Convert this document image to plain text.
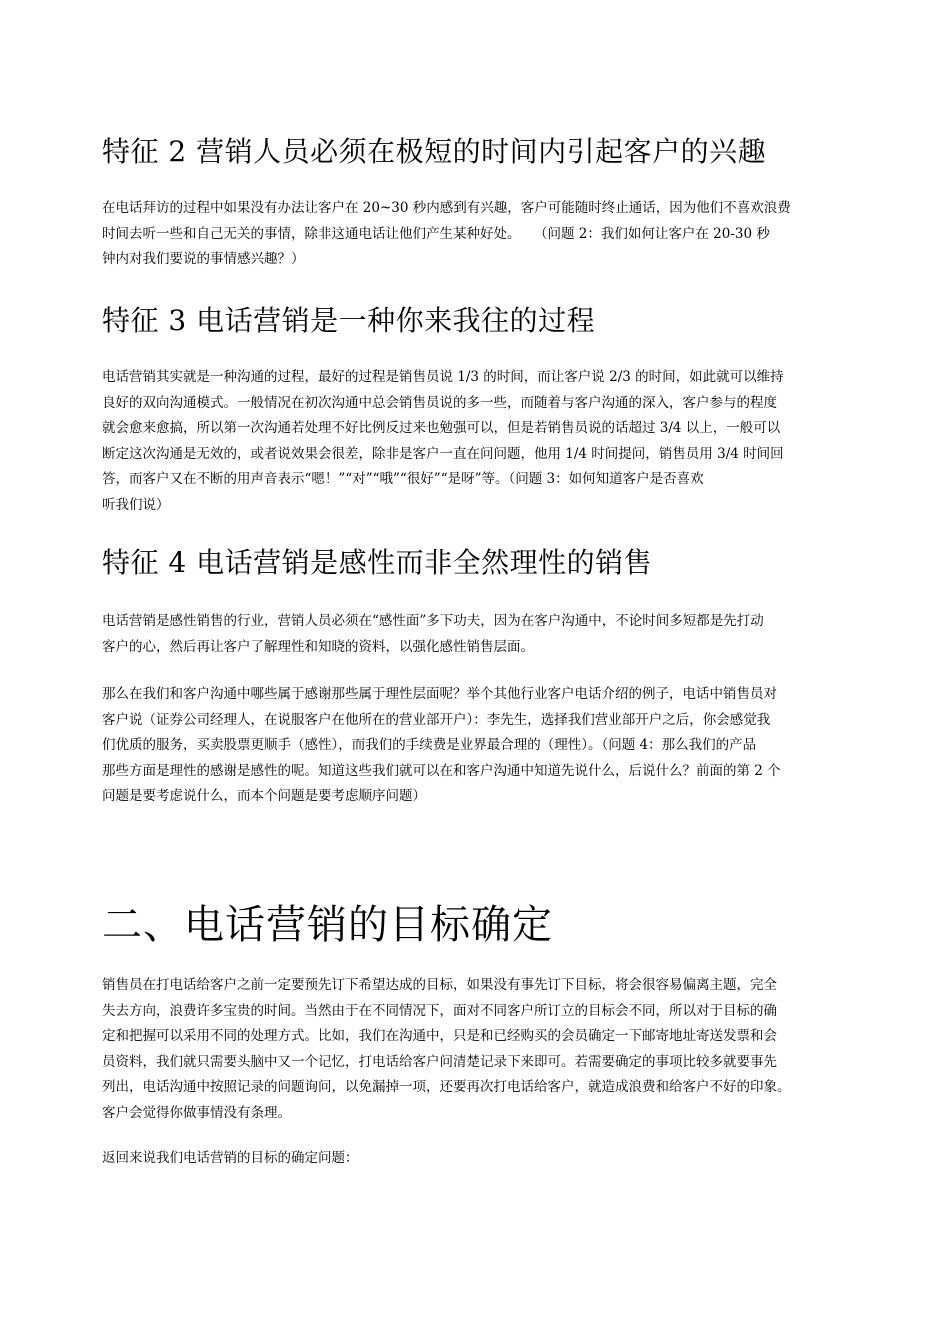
特征 2 营销人员必须在极短的时间内引起客户的兴趣
在电话拜访的过程中如果没有办法让客户在 20~30 秒内感到有兴趣，客户可能随时终止通话，因为他们不喜欢浪费
时间去听一些和自己无关的事情，除非这通电话让他们产生某种好处。　　（问题 2：我们如何让客户在 20-30 秒
钟内对我们要说的事情感兴趣？）
特征 3 电话营销是一种你来我往的过程
电话营销其实就是一种沟通的过程，最好的过程是销售员说 1/3 的时间，而让客户说 2/3 的时间，如此就可以维持
良好的双向沟通模式。一般情况在初次沟通中总会销售员说的多一些，而随着与客户沟通的深入，客户参与的程度
就会愈来愈搞，所以第一次沟通若处理不好比例反过来也勉强可以，但是若销售员说的话超过 3/4 以上，一般可以
断定这次沟通是无效的，或者说效果会很差，除非是客户一直在问问题，他用 1/4 时间提问，销售员用 3/4 时间回
答，而客户又在不断的用声音表示“嗯！”“对”“哦”“很好”“是呀”等。（问题 3：如何知道客户是否喜欢
听我们说）
特征 4 电话营销是感性而非全然理性的销售
电话营销是感性销售的行业，营销人员必须在“感性面”多下功夫，因为在客户沟通中，不论时间多短都是先打动
客户的心，然后再让客户了解理性和知晓的资料，以强化感性销售层面。
那么在我们和客户沟通中哪些属于感谢那些属于理性层面呢？举个其他行业客户电话介绍的例子，电话中销售员对
客户说（证券公司经理人，在说服客户在他所在的营业部开户）：李先生，选择我们营业部开户之后，你会感觉我
们优质的服务，买卖股票更顺手（感性），而我们的手续费是业界最合理的（理性）。（问题 4：那么我们的产品
那些方面是理性的感谢是感性的呢。知道这些我们就可以在和客户沟通中知道先说什么，后说什么？前面的第 2 个
问题是要考虑说什么，而本个问题是要考虑顺序问题）
二、电话营销的目标确定
销售员在打电话给客户之前一定要预先订下希望达成的目标，如果没有事先订下目标，将会很容易偏离主题，完全
失去方向，浪费许多宝贵的时间。当然由于在不同情况下，面对不同客户所订立的目标会不同，所以对于目标的确
定和把握可以采用不同的处理方式。比如，我们在沟通中，只是和已经购买的会员确定一下邮寄地址寄送发票和会
员资料，我们就只需要头脑中又一个记忆，打电话给客户问清楚记录下来即可。若需要确定的事项比较多就要事先
列出，电话沟通中按照记录的问题询问，以免漏掉一项，还要再次打电话给客户，就造成浪费和给客户不好的印象。
客户会觉得你做事情没有条理。
返回来说我们电话营销的目标的确定问题：
